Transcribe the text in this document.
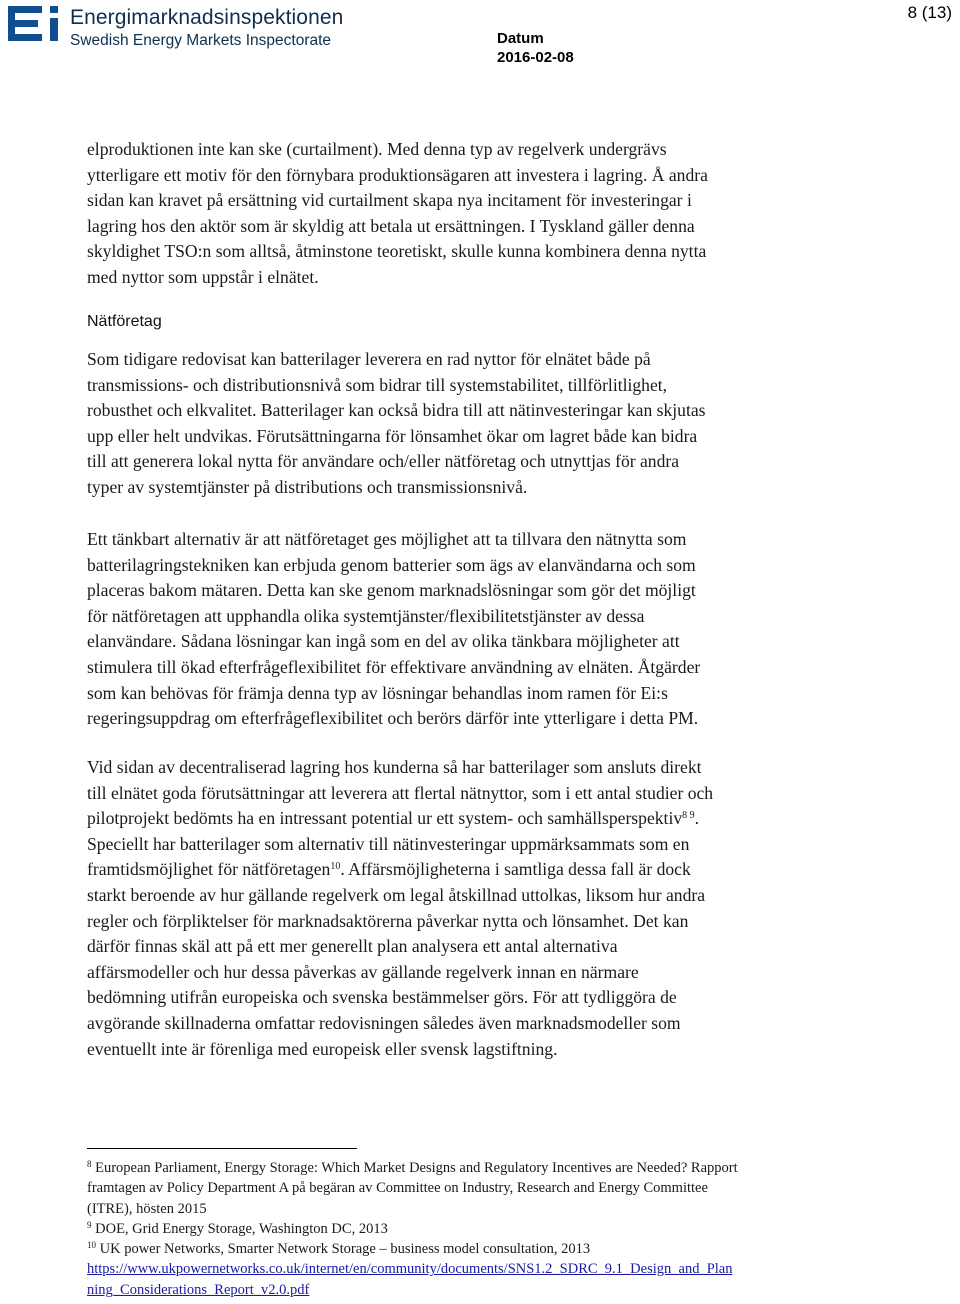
Energimarknadsinspektionen
Swedish Energy Markets Inspectorate	Datum
2016-02-08
8 (13)

elproduktionen inte kan ske (curtailment). Med denna typ av regelverk undergrävs

ytterligare ett motiv för den förnybara produktionsägaren att investera i lagring. Å andra

sidan kan kravet på ersättning vid curtailment skapa nya incitament för investeringar i

lagring hos den aktör som är skyldig att betala ut ersättningen. I Tyskland gäller denna

skyldighet TSO:n som alltså, åtminstone teoretiskt, skulle kunna kombinera denna nytta

med nyttor som uppstår i elnätet.

Nätföretag

Som tidigare redovisat kan batterilager leverera en rad nyttor för elnätet både på

transmissions- och distributionsnivå som bidrar till systemstabilitet, tillförlitlighet,

robusthet och elkvalitet. Batterilager kan också bidra till att nätinvesteringar kan skjutas

upp eller helt undvikas. Förutsättningarna för lönsamhet ökar om lagret både kan bidra

till att generera lokal nytta för användare och/eller nätföretag och utnyttjas för andra

typer av systemtjänster på distributions och transmissionsnivå.

Ett tänkbart alternativ är att nätföretaget ges möjlighet att ta tillvara den nätnytta som

batterilagringstekniken kan erbjuda genom batterier som ägs av elanvändarna och som

placeras bakom mätaren. Detta kan ske genom marknadslösningar som gör det möjligt

för nätföretagen att upphandla olika systemtjänster/flexibilitetstjänster av dessa

elanvändare. Sådana lösningar kan ingå som en del av olika tänkbara möjligheter att

stimulera till ökad efterfrågeflexibilitet för effektivare användning av elnäten. Åtgärder

som kan behövas för främja denna typ av lösningar behandlas inom ramen för Ei:s

regeringsuppdrag om efterfrågeflexibilitet och berörs därför inte ytterligare i detta PM.

Vid sidan av decentraliserad lagring hos kunderna så har batterilager som ansluts direkt

till elnätet goda förutsättningar att leverera att flertal nätnyttor, som i ett antal studier och

pilotprojekt bedömts ha en intressant potential ur ett system- och samhällsperspektiv$^{8 9}$.

Speciellt har batterilager som alternativ till nätinvesteringar uppmärksammats som en

framtidsmöjlighet för nätföretagen$^{10}$. Affärsmöjligheterna i samtliga dessa fall är dock

starkt beroende av hur gällande regelverk om legal åtskillnad uttolkas, liksom hur andra

regler och förpliktelser för marknadsaktörerna påverkar nytta och lönsamhet. Det kan

därför finnas skäl att på ett mer generellt plan analysera ett antal alternativa

affärsmodeller och hur dessa påverkas av gällande regelverk innan en närmare

bedömning utifrån europeiska och svenska bestämmelser görs. För att tydliggöra de

avgörande skillnaderna omfattar redovisningen således även marknadsmodeller som

eventuellt inte är förenliga med europeisk eller svensk lagstiftning.

$^8$ European Parliament, Energy Storage: Which Market Designs and Regulatory Incentives are Needed? Rapport

framtagen av Policy Department A på begäran av Committee on Industry, Research and Energy Committee

(ITRE), hösten 2015

$^9$ DOE, Grid Energy Storage, Washington DC, 2013

$^{10}$ UK power Networks, Smarter Network Storage – business model consultation, 2013

https://www.ukpowernetworks.co.uk/internet/en/community/documents/SNS1.2_SDRC_9.1_Design_and_Plan

ning_Considerations_Report_v2.0.pdf
